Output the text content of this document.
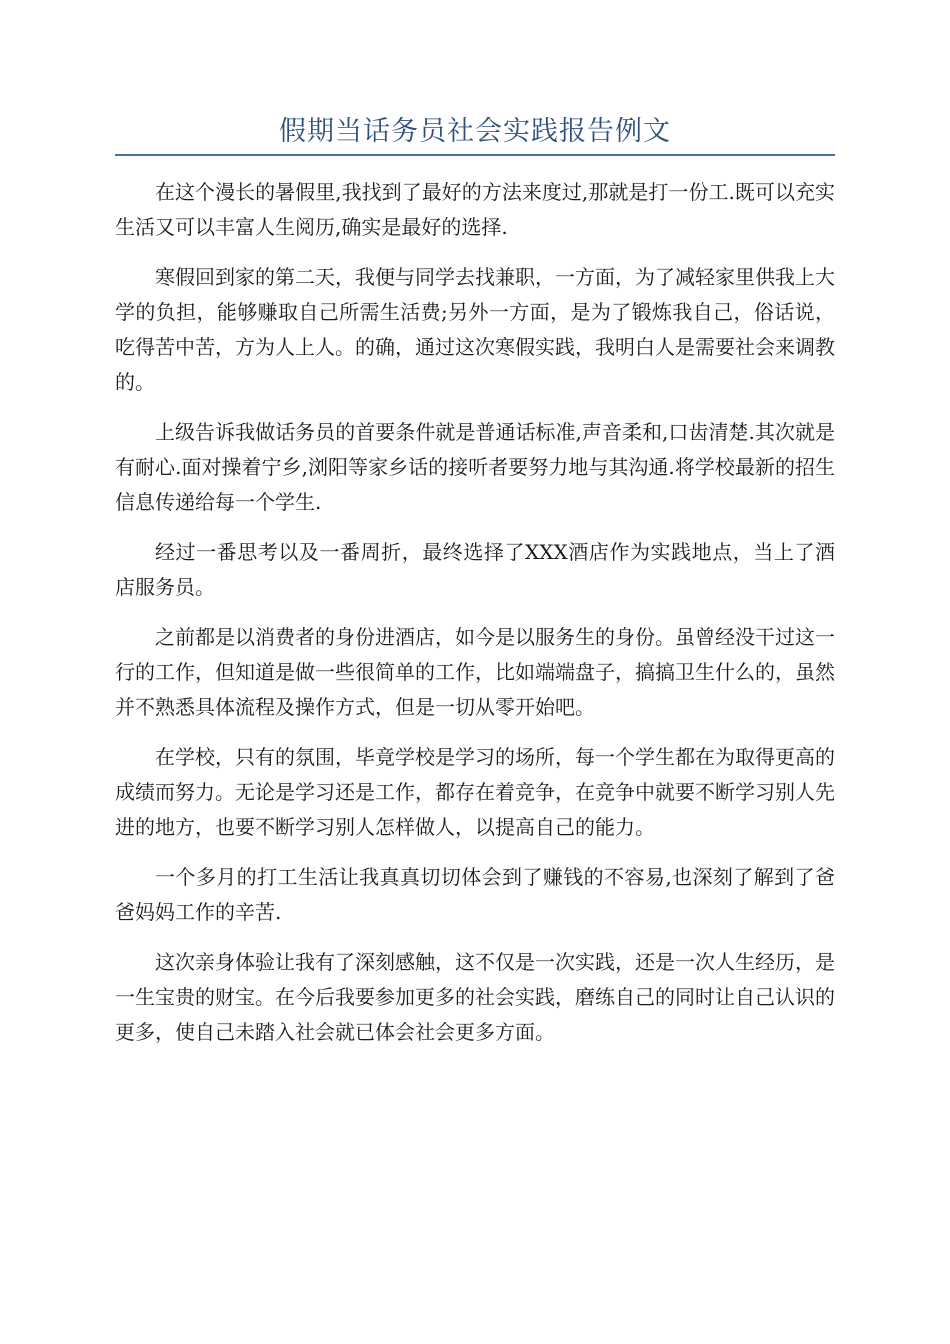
假期当话务员社会实践报告例文

在这个漫长的暑假里,我找到了最好的方法来度过,那就是打一份工.既可以充实生活又可以丰富人生阅历,确实是最好的选择.

寒假回到家的第二天，我便与同学去找兼职，一方面，为了减轻家里供我上大学的负担，能够赚取自己所需生活费;另外一方面，是为了锻炼我自己，俗话说，吃得苦中苦，方为人上人。的确，通过这次寒假实践，我明白人是需要社会来调教的。

上级告诉我做话务员的首要条件就是普通话标准,声音柔和,口齿清楚.其次就是有耐心.面对操着宁乡,浏阳等家乡话的接听者要努力地与其沟通.将学校最新的招生信息传递给每一个学生.

经过一番思考以及一番周折，最终选择了XXX酒店作为实践地点，当上了酒店服务员。

之前都是以消费者的身份进酒店，如今是以服务生的身份。虽曾经没干过这一行的工作，但知道是做一些很简单的工作，比如端端盘子，搞搞卫生什么的，虽然并不熟悉具体流程及操作方式，但是一切从零开始吧。

在学校，只有的氛围，毕竟学校是学习的场所，每一个学生都在为取得更高的成绩而努力。无论是学习还是工作，都存在着竞争，在竞争中就要不断学习别人先进的地方，也要不断学习别人怎样做人，以提高自己的能力。

一个多月的打工生活让我真真切切体会到了赚钱的不容易,也深刻了解到了爸爸妈妈工作的辛苦.

这次亲身体验让我有了深刻感触，这不仅是一次实践，还是一次人生经历，是一生宝贵的财宝。在今后我要参加更多的社会实践，磨练自己的同时让自己认识的更多，使自己未踏入社会就已体会社会更多方面。
